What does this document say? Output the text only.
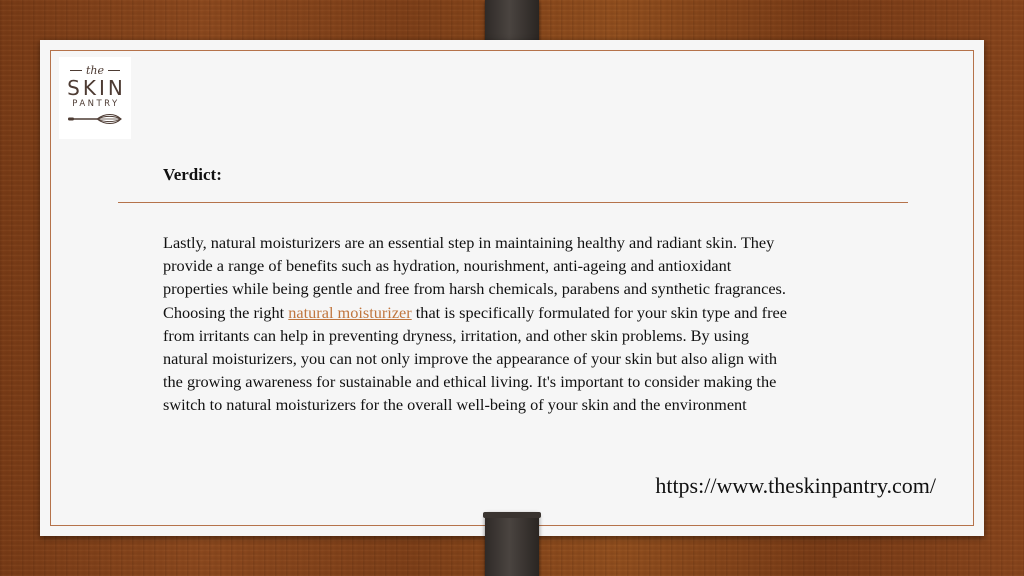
the
SKIN
PANTRY
Verdict:
Lastly, natural moisturizers are an essential step in maintaining healthy and radiant skin. They provide a range of benefits such as hydration, nourishment, anti-ageing and antioxidant properties while being gentle and free from harsh chemicals, parabens and synthetic fragrances. Choosing the right natural moisturizer that is specifically formulated for your skin type and free from irritants can help in preventing dryness, irritation, and other skin problems. By using natural moisturizers, you can not only improve the appearance of your skin but also align with the growing awareness for sustainable and ethical living. It's important to consider making the switch to natural moisturizers for the overall well-being of your skin and the environment
https://www.theskinpantry.com/
